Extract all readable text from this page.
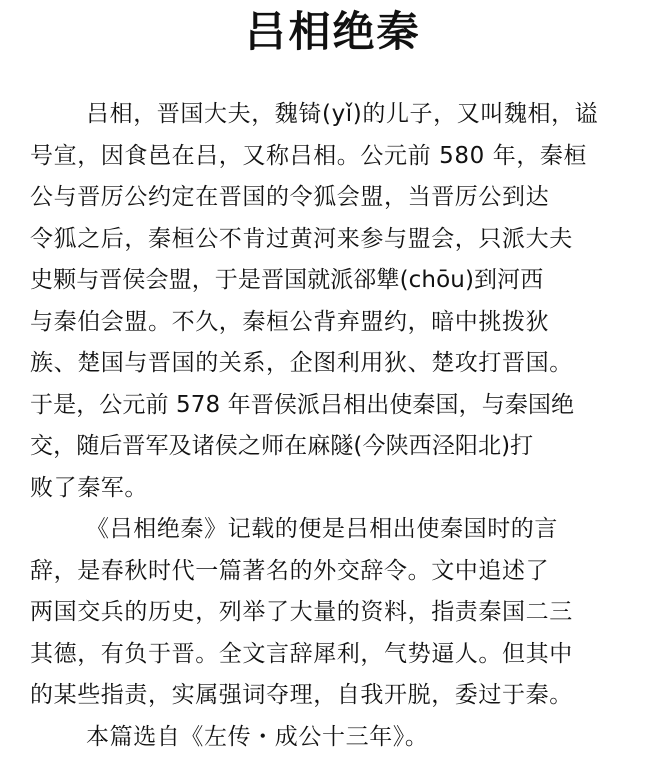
吕相绝秦
吕相，晋国大夫，魏锜(yǐ)的儿子，又叫魏相，谥
号宣，因食邑在吕，又称吕相。公元前 580 年，秦桓
公与晋厉公约定在晋国的令狐会盟，当晋厉公到达
令狐之后，秦桓公不肯过黄河来参与盟会，只派大夫
史颗与晋侯会盟，于是晋国就派郤犨(chōu)到河西
与秦伯会盟。不久，秦桓公背弃盟约，暗中挑拨狄
族、楚国与晋国的关系，企图利用狄、楚攻打晋国。
于是，公元前 578 年晋侯派吕相出使秦国，与秦国绝
交，随后晋军及诸侯之师在麻隧(今陕西泾阳北)打
败了秦军。
《吕相绝秦》记载的便是吕相出使秦国时的言
辞，是春秋时代一篇著名的外交辞令。文中追述了
两国交兵的历史，列举了大量的资料，指责秦国二三
其德，有负于晋。全文言辞犀利，气势逼人。但其中
的某些指责，实属强词夺理，自我开脱，委过于秦。
本篇选自《左传・成公十三年》。
